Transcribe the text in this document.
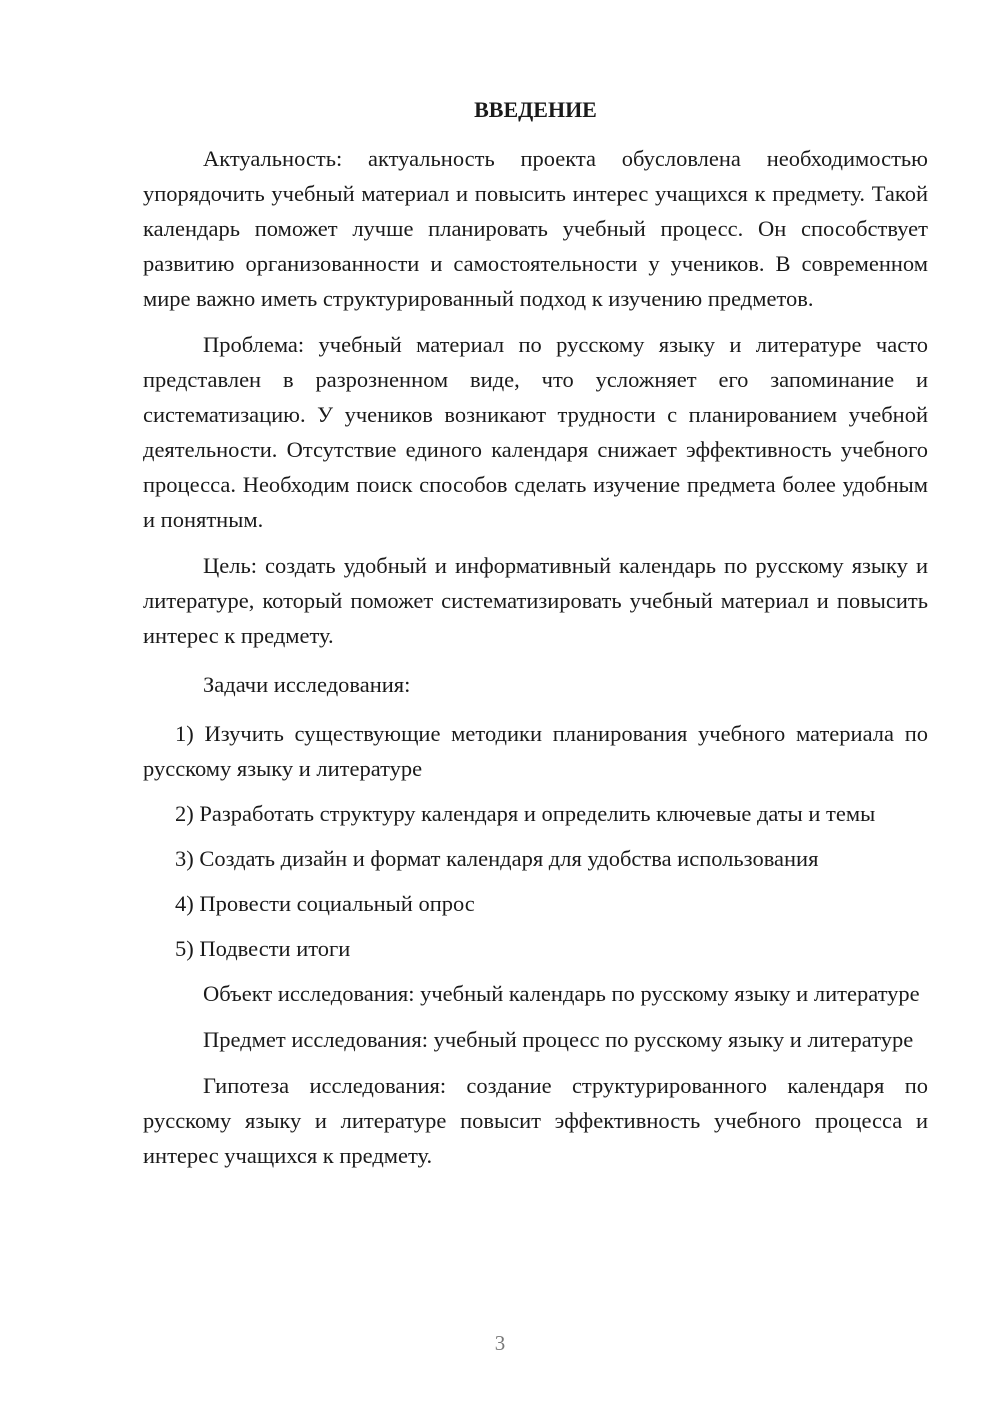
ВВЕДЕНИЕ

Актуальность: актуальность проекта обусловлена необходимостью упорядочить учебный материал и повысить интерес учащихся к предмету. Такой календарь поможет лучше планировать учебный процесс. Он способствует развитию организованности и самостоятельности у учеников. В современном мире важно иметь структурированный подход к изучению предметов.

Проблема: учебный материал по русскому языку и литературе часто представлен в разрозненном виде, что усложняет его запоминание и систематизацию. У учеников возникают трудности с планированием учебной деятельности. Отсутствие единого календаря снижает эффективность учебного процесса. Необходим поиск способов сделать изучение предмета более удобным и понятным.

Цель: создать удобный и информативный календарь по русскому языку и литературе, который поможет систематизировать учебный материал и повысить интерес к предмету.

Задачи исследования:

1) Изучить существующие методики планирования учебного материала по русскому языку и литературе

2) Разработать структуру календаря и определить ключевые даты и темы

3) Создать дизайн и формат календаря для удобства использования

4) Провести социальный опрос

5) Подвести итоги

Объект исследования: учебный календарь по русскому языку и литературе

Предмет исследования: учебный процесс по русскому языку и литературе

Гипотеза исследования: создание структурированного календаря по русскому языку и литературе повысит эффективность учебного процесса и интерес учащихся к предмету.

3
